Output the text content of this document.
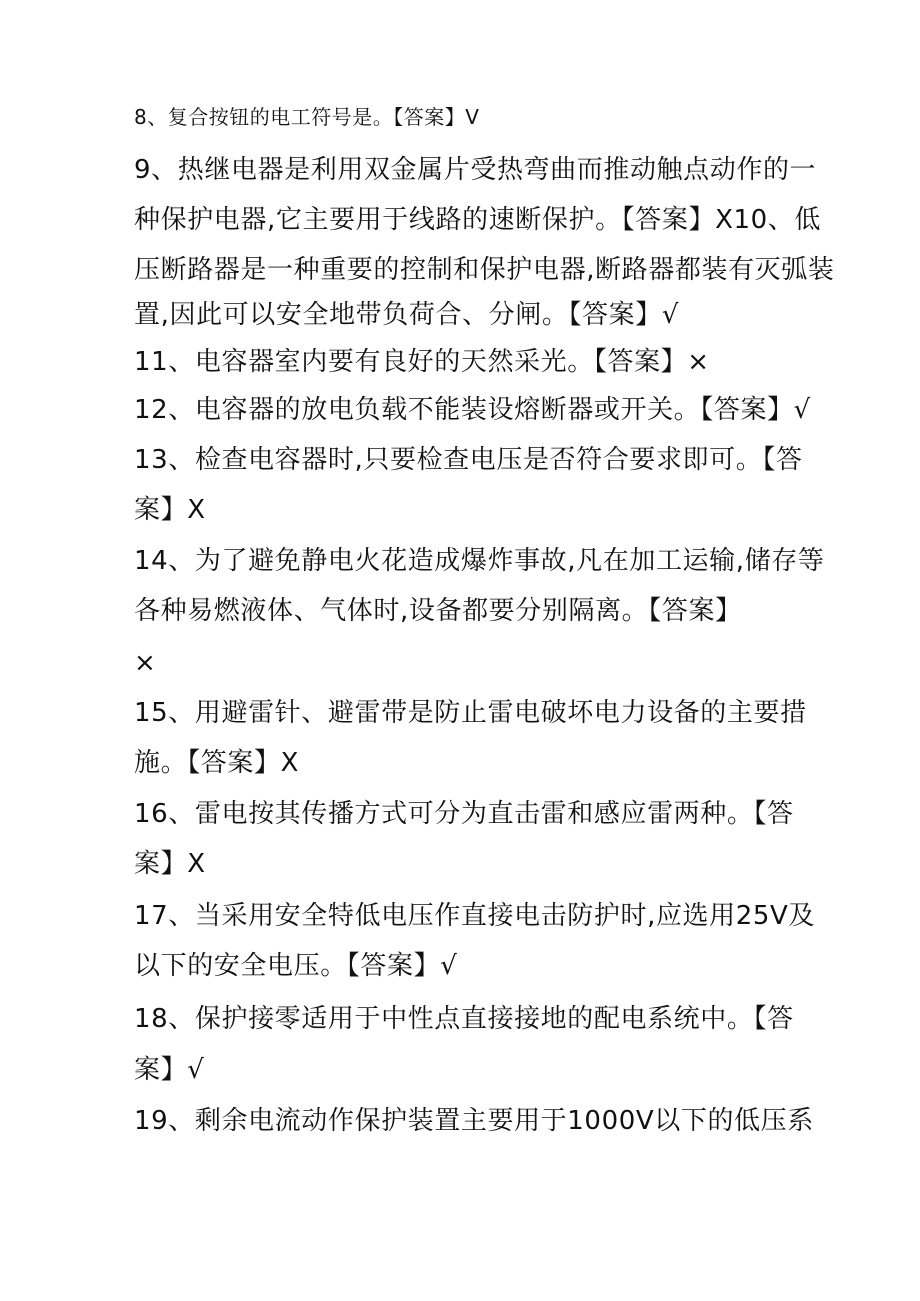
8、复合按钮的电工符号是。【答案】V
9、热继电器是利用双金属片受热弯曲而推动触点动作的一
种保护电器,它主要用于线路的速断保护。【答案】X10、低
压断路器是一种重要的控制和保护电器,断路器都装有灭弧装
置,因此可以安全地带负荷合、分闸。【答案】√
11、电容器室内要有良好的天然采光。【答案】×
12、电容器的放电负载不能装设熔断器或开关。【答案】√
13、检查电容器时,只要检查电压是否符合要求即可。【答
案】X
14、为了避免静电火花造成爆炸事故,凡在加工运输,储存等
各种易燃液体、气体时,设备都要分别隔离。【答案】
×
15、用避雷针、避雷带是防止雷电破坏电力设备的主要措
施。【答案】X
16、雷电按其传播方式可分为直击雷和感应雷两种。【答
案】X
17、当采用安全特低电压作直接电击防护时,应选用25V及
以下的安全电压。【答案】√
18、保护接零适用于中性点直接接地的配电系统中。【答
案】√
19、剩余电流动作保护装置主要用于1000V以下的低压系
